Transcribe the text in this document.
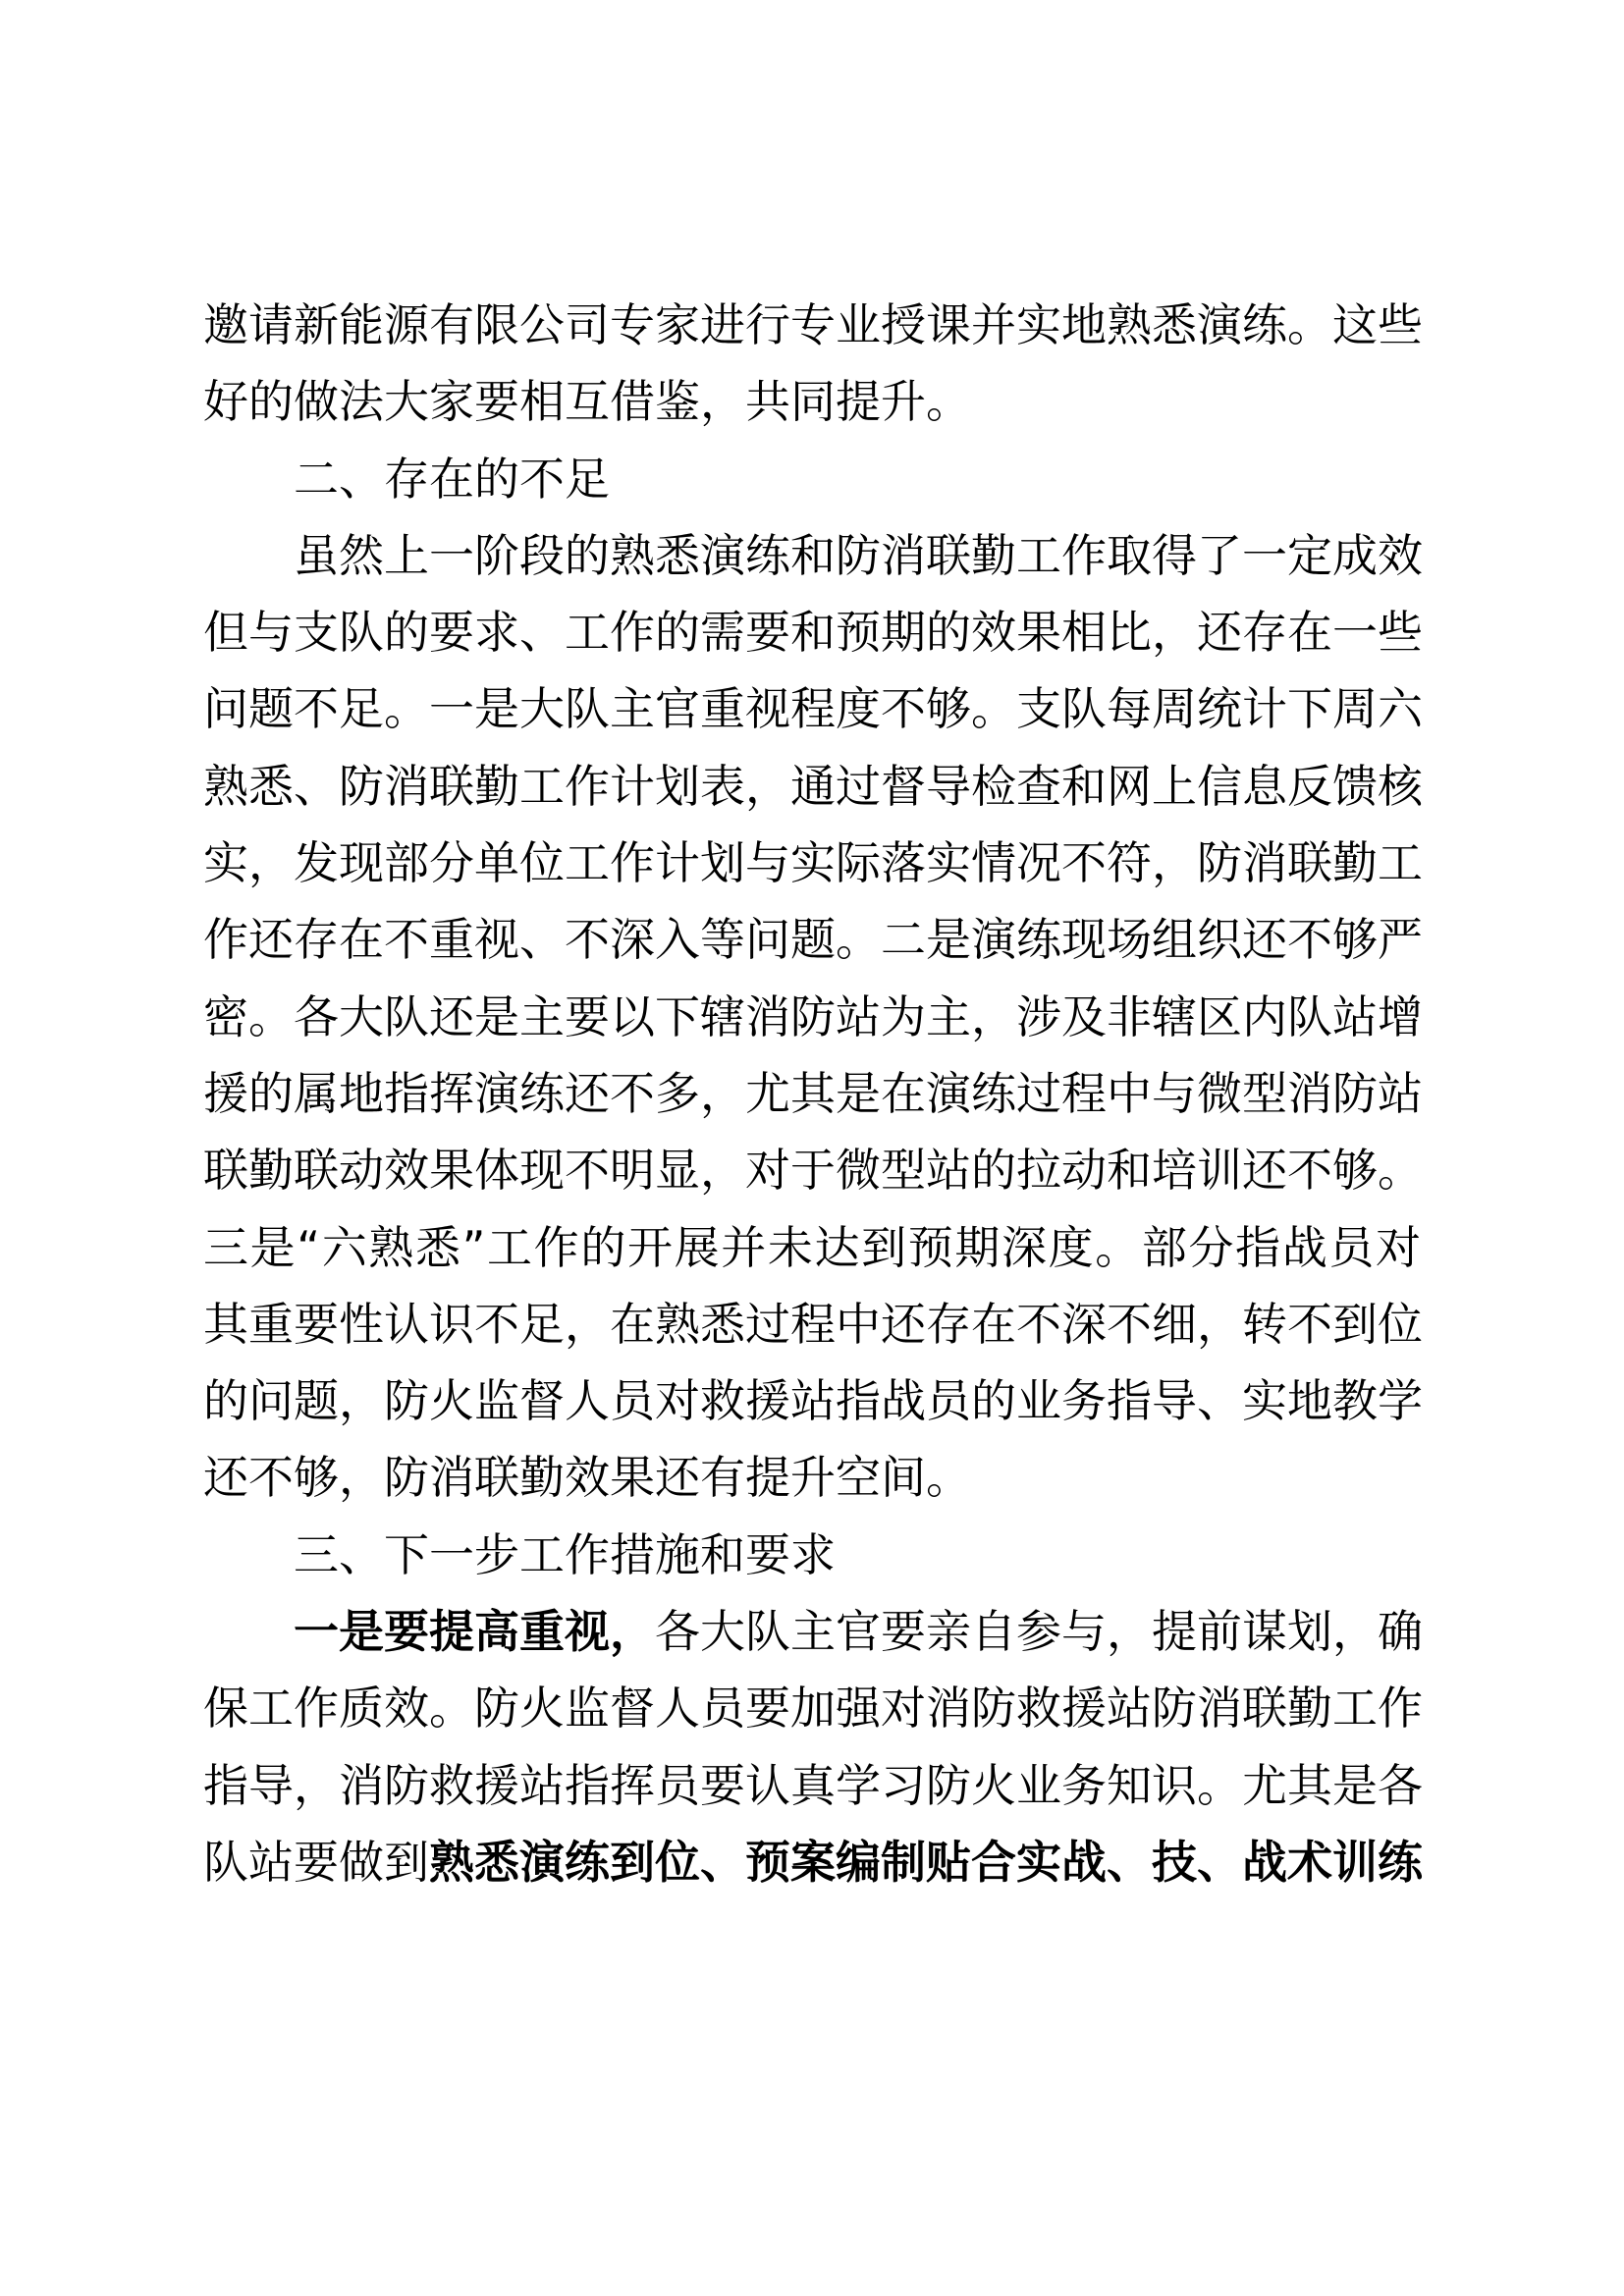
邀请新能源有限公司专家进行专业授课并实地熟悉演练。这些
好的做法大家要相互借鉴，共同提升。
二、存在的不足
虽然上一阶段的熟悉演练和防消联勤工作取得了一定成效
但与支队的要求、工作的需要和预期的效果相比，还存在一些
问题不足。一是大队主官重视程度不够。支队每周统计下周六
熟悉、防消联勤工作计划表，通过督导检查和网上信息反馈核
实，发现部分单位工作计划与实际落实情况不符，防消联勤工
作还存在不重视、不深入等问题。二是演练现场组织还不够严
密。各大队还是主要以下辖消防站为主，涉及非辖区内队站增
援的属地指挥演练还不多，尤其是在演练过程中与微型消防站
联勤联动效果体现不明显，对于微型站的拉动和培训还不够。
三是“六熟悉”工作的开展并未达到预期深度。部分指战员对
其重要性认识不足，在熟悉过程中还存在不深不细，转不到位
的问题，防火监督人员对救援站指战员的业务指导、实地教学
还不够，防消联勤效果还有提升空间。
三、下一步工作措施和要求
一是要提高重视，各大队主官要亲自参与，提前谋划，确
保工作质效。防火监督人员要加强对消防救援站防消联勤工作
指导，消防救援站指挥员要认真学习防火业务知识。尤其是各
队站要做到熟悉演练到位、预案编制贴合实战、技、战术训练
